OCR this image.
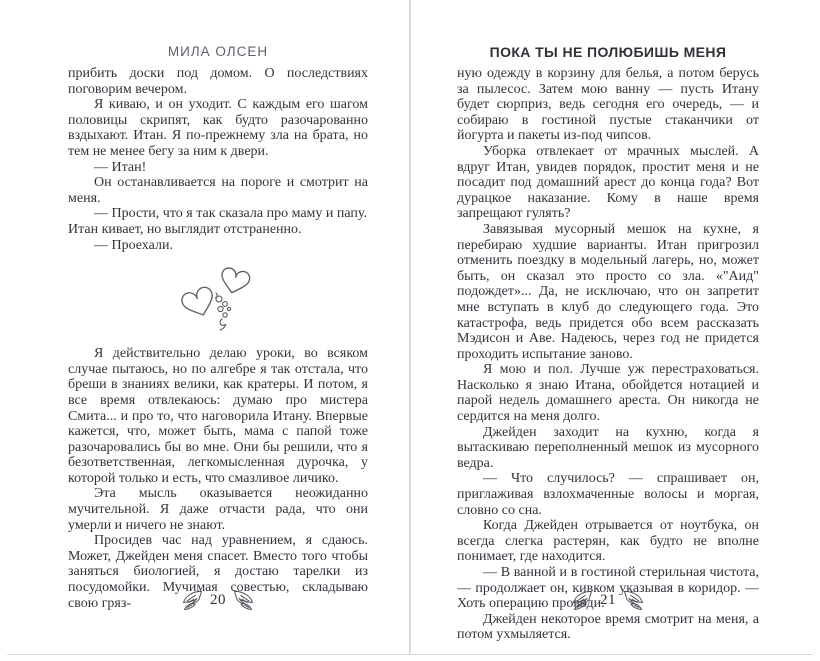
МИЛА ОЛСЕН

прибить доски под домом. О последствиях поговорим вечером.

Я киваю, и он уходит. С каждым его шагом половицы скрипят, как будто разочарованно вздыхают. Итан. Я по-прежнему зла на брата, но тем не менее бегу за ним к двери.

— Итан!

Он останавливается на пороге и смотрит на меня.

— Прости, что я так сказала про маму и папу.

Итан кивает, но выглядит отстраненно.

— Проехали.

Я действительно делаю уроки, во всяком случае пытаюсь, но по алгебре я так отстала, что бреши в знаниях велики, как кратеры. И потом, я все время отвлекаюсь: думаю про мистера Смита... и про то, что наговорила Итану. Впервые кажется, что, может быть, мама с папой тоже разочаровались бы во мне. Они бы решили, что я безответственная, легкомысленная дурочка, у которой только и есть, что смазливое личико.

Эта мысль оказывается неожиданно мучительной. Я даже отчасти рада, что они умерли и ничего не знают.

Просидев час над уравнением, я сдаюсь. Может, Джейден меня спасет. Вместо того чтобы заняться биологией, я достаю тарелки из посудомойки. Мучимая совестью, складываю свою гряз-	20
ПОКА ТЫ НЕ ПОЛЮБИШЬ МЕНЯ

ную одежду в корзину для белья, а потом берусь за пылесос. Затем мою ванну — пусть Итану будет сюрприз, ведь сегодня его очередь, — и собираю в гостиной пустые стаканчики от йогурта и пакеты из-под чипсов.

Уборка отвлекает от мрачных мыслей. А вдруг Итан, увидев порядок, простит меня и не посадит под домашний арест до конца года? Вот дурацкое наказание. Кому в наше время запрещают гулять?

Завязывая мусорный мешок на кухне, я перебираю худшие варианты. Итан пригрозил отменить поездку в модельный лагерь, но, может быть, он сказал это просто со зла. «"Аид" подождет»... Да, не исключаю, что он запретит мне вступать в клуб до следующего года. Это катастрофа, ведь придется обо всем рассказать Мэдисон и Аве. Надеюсь, через год не придется проходить испытание заново.

Я мою и пол. Лучше уж перестраховаться. Насколько я знаю Итана, обойдется нотацией и парой недель домашнего ареста. Он никогда не сердится на меня долго.

Джейден заходит на кухню, когда я вытаскиваю переполненный мешок из мусорного ведра.

— Что случилось? — спрашивает он, приглаживая взлохмаченные волосы и моргая, словно со сна.

Когда Джейден отрывается от ноутбука, он всегда слегка растерян, как будто не вполне понимает, где находится.

— В ванной и в гостиной стерильная чистота, — продолжает он, кивком указывая в коридор. — Хоть операцию проводи.

Джейден некоторое время смотрит на меня, а потом ухмыляется.

21
